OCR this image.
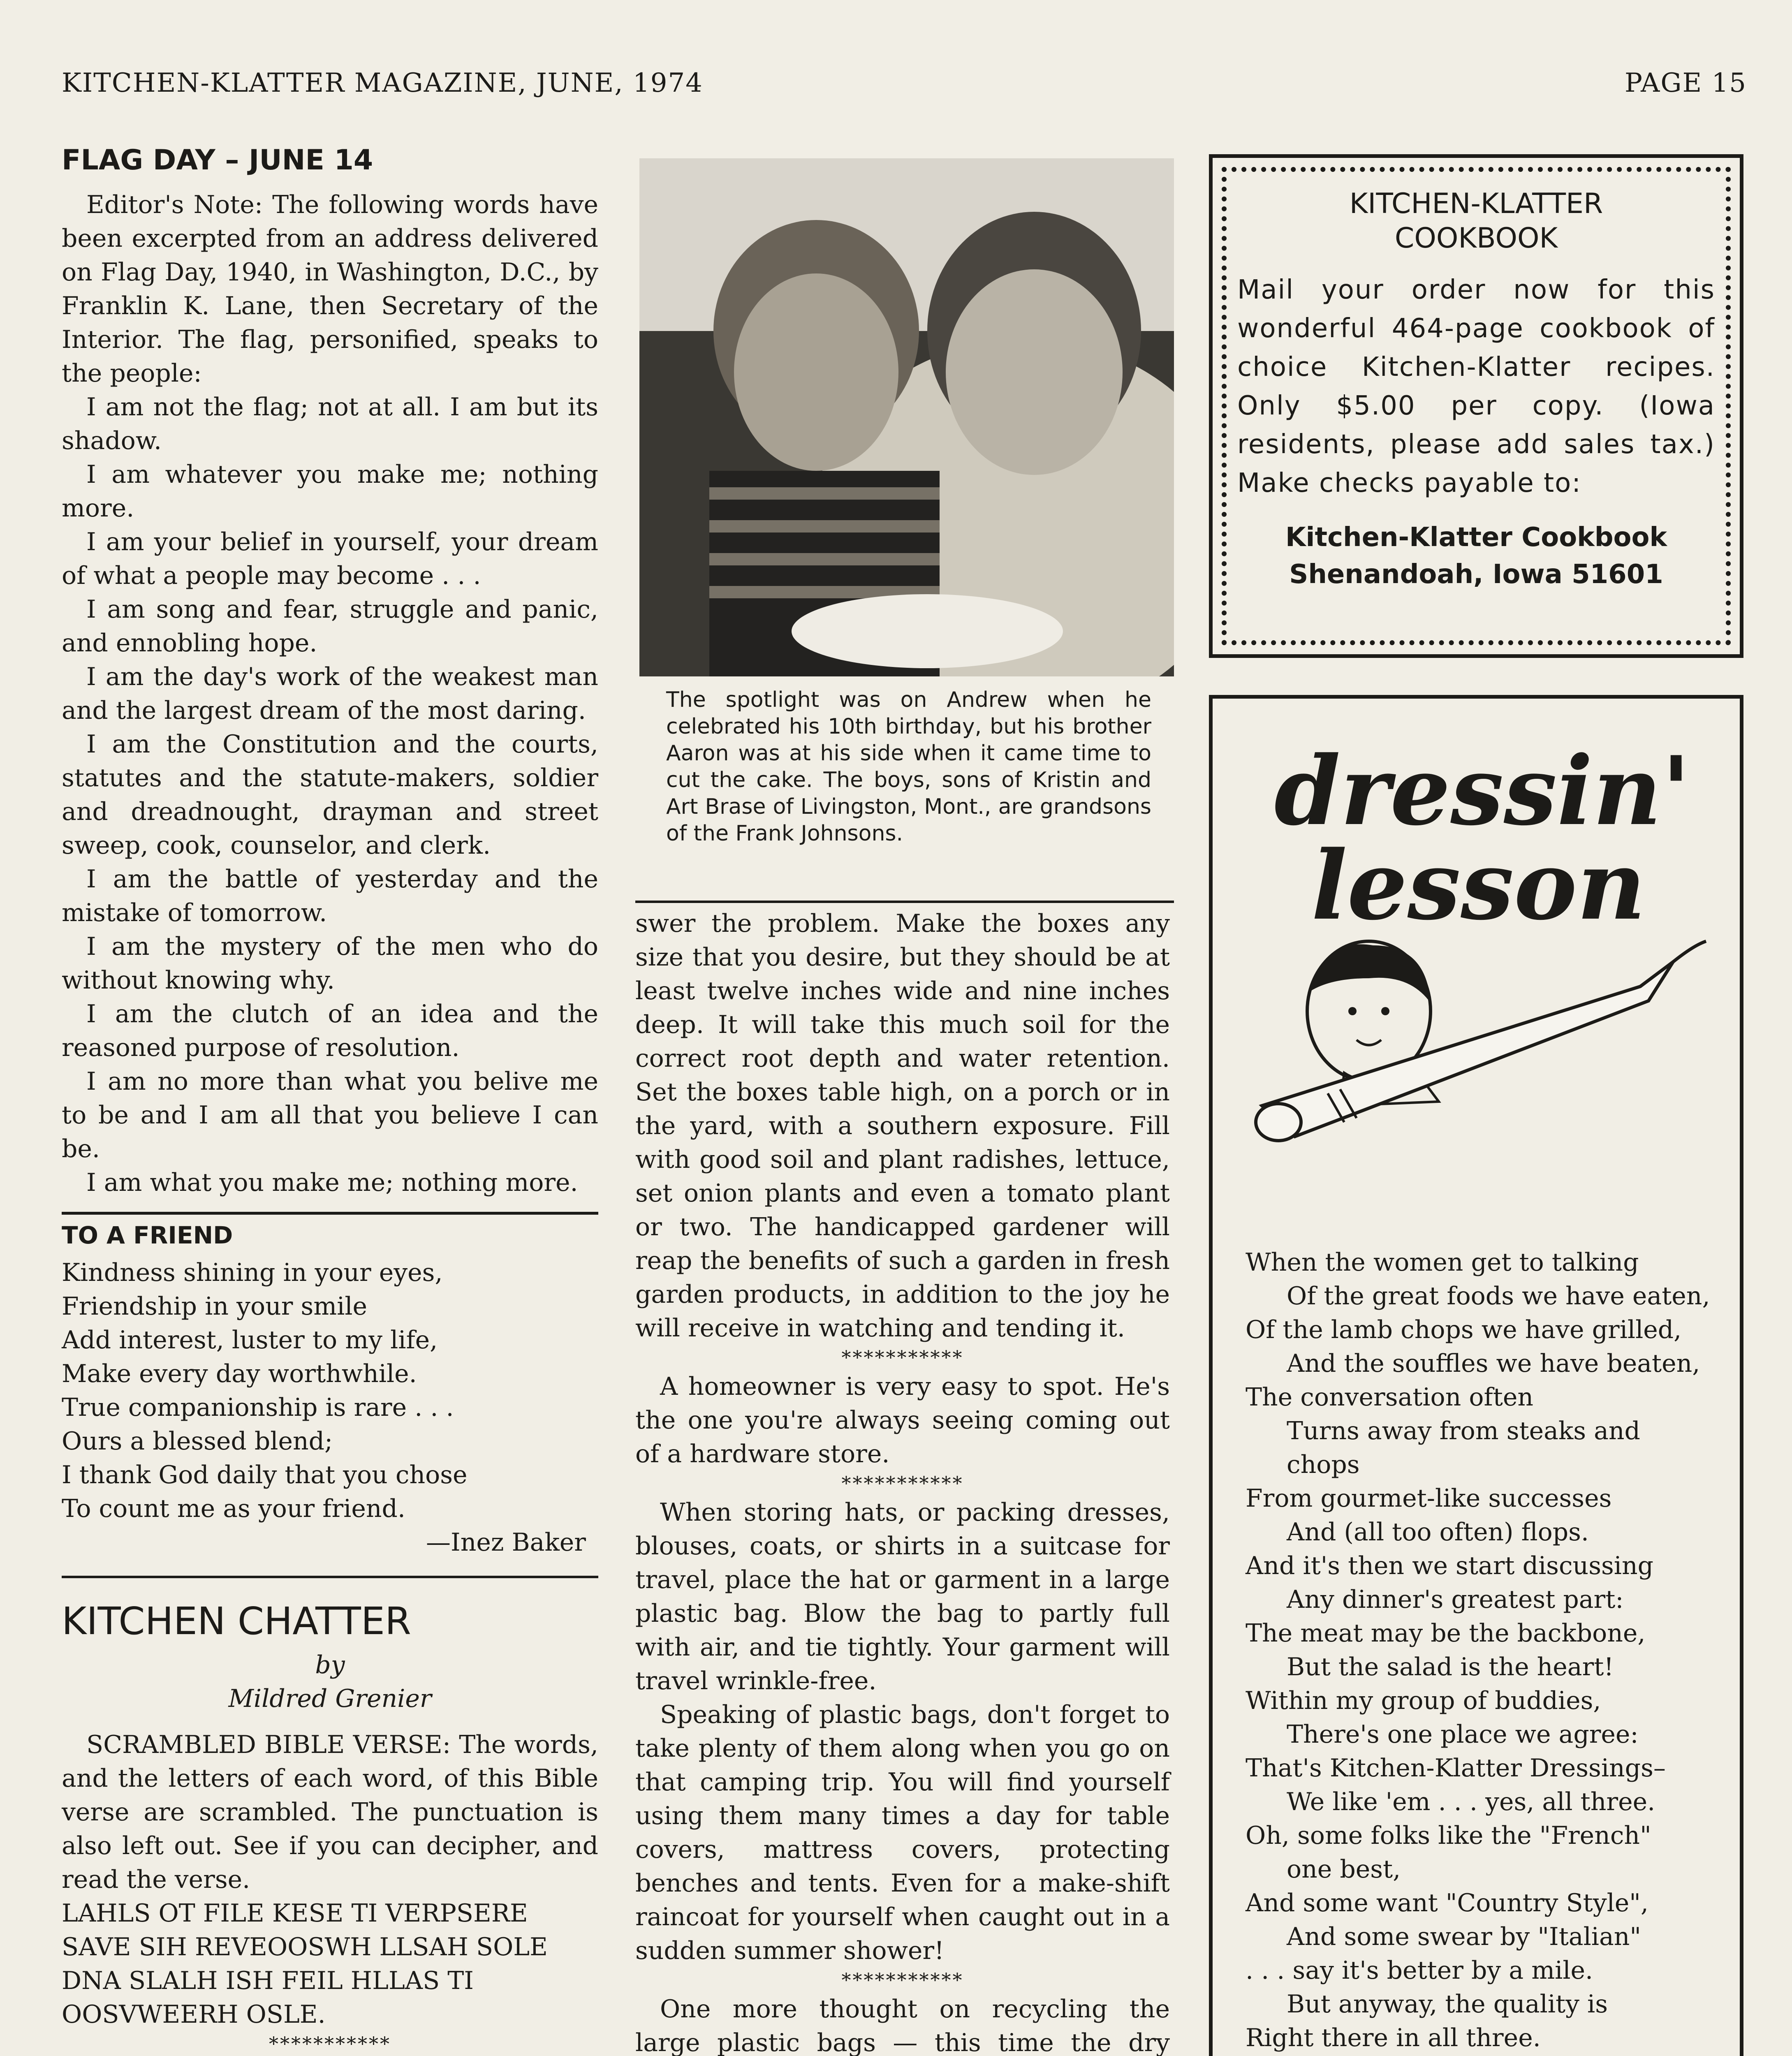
KITCHEN-KLATTER MAGAZINE, JUNE, 1974	PAGE 15

FLAG DAY – JUNE 14

Editor's Note: The following words have been excerpted from an address delivered on Flag Day, 1940, in Washington, D.C., by Franklin K. Lane, then Secretary of the Interior. The flag, personified, speaks to the people:

I am not the flag; not at all. I am but its shadow.

I am whatever you make me; nothing more.

I am your belief in yourself, your dream of what a people may become . . .

I am song and fear, struggle and panic, and ennobling hope.

I am the day's work of the weakest man and the largest dream of the most daring.

I am the Constitution and the courts, statutes and the statute-makers, soldier and dreadnought, drayman and street sweep, cook, counselor, and clerk.

I am the battle of yesterday and the mistake of tomorrow.

I am the mystery of the men who do without knowing why.

I am the clutch of an idea and the reasoned purpose of resolution.

I am no more than what you belive me to be and I am all that you believe I can be.

I am what you make me; nothing more.

TO A FRIEND

Kindness shining in your eyes,

Friendship in your smile

Add interest, luster to my life,

Make every day worthwhile.

True companionship is rare . . .

Ours a blessed blend;

I thank God daily that you chose

To count me as your friend.

—Inez Baker

KITCHEN CHATTER

by

Mildred Grenier

SCRAMBLED BIBLE VERSE: The words, and the letters of each word, of this Bible verse are scrambled. The punctuation is also left out. See if you can decipher, and read the verse.

LAHLS OT FILE KESE TI VERPSERE SAVE SIH REVEOOSWH LLSAH SOLE DNA SLALH ISH FEIL HLLAS TI OOSVWEERH OSLE.

***********

The spotlight was on Andrew when he celebrated his 10th birthday, but his brother Aaron was at his side when it came time to cut the cake. The boys, sons of Kristin and Art Brase of Livingston, Mont., are grandsons of the Frank Johnsons.

swer the problem. Make the boxes any size that you desire, but they should be at least twelve inches wide and nine inches deep. It will take this much soil for the correct root depth and water retention. Set the boxes table high, on a porch or in the yard, with a southern exposure. Fill with good soil and plant radishes, lettuce, set onion plants and even a tomato plant or two. The handicapped gardener will reap the benefits of such a garden in fresh garden products, in addition to the joy he will receive in watching and tending it.

***********

A homeowner is very easy to spot. He's the one you're always seeing coming out of a hardware store.

***********

When storing hats, or packing dresses, blouses, coats, or shirts in a suitcase for travel, place the hat or garment in a large plastic bag. Blow the bag to partly full with air, and tie tightly. Your garment will travel wrinkle-free.

Speaking of plastic bags, don't forget to take plenty of them along when you go on that camping trip. You will find yourself using them many times a day for table covers, mattress covers, protecting benches and tents. Even for a make-shift raincoat for yourself when caught out in a sudden summer shower!

***********

One more thought on recycling the large plastic bags — this time the dry

KITCHEN-KLATTER
COOKBOOK
Mail your order now for this wonderful 464-page cookbook of choice Kitchen-Klatter recipes. Only $5.00 per copy. (Iowa residents, please add sales tax.) Make checks payable to:
Kitchen-Klatter Cookbook
Shenandoah, Iowa 51601
dressin'
lesson

When the women get to talking

Of the great foods we have eaten,

Of the lamb chops we have grilled,

And the souffles we have beaten,

The conversation often

Turns away from steaks and chops

From gourmet-like successes

And (all too often) flops.

And it's then we start discussing

Any dinner's greatest part:

The meat may be the backbone,

But the salad is the heart!

Within my group of buddies,

There's one place we agree:

That's Kitchen-Klatter Dressings–

We like 'em . . . yes, all three.

Oh, some folks like the "French"

one best,

And some want "Country Style",

And some swear by "Italian"

. . . say it's better by a mile.

But anyway, the quality is

Right there in all three.
